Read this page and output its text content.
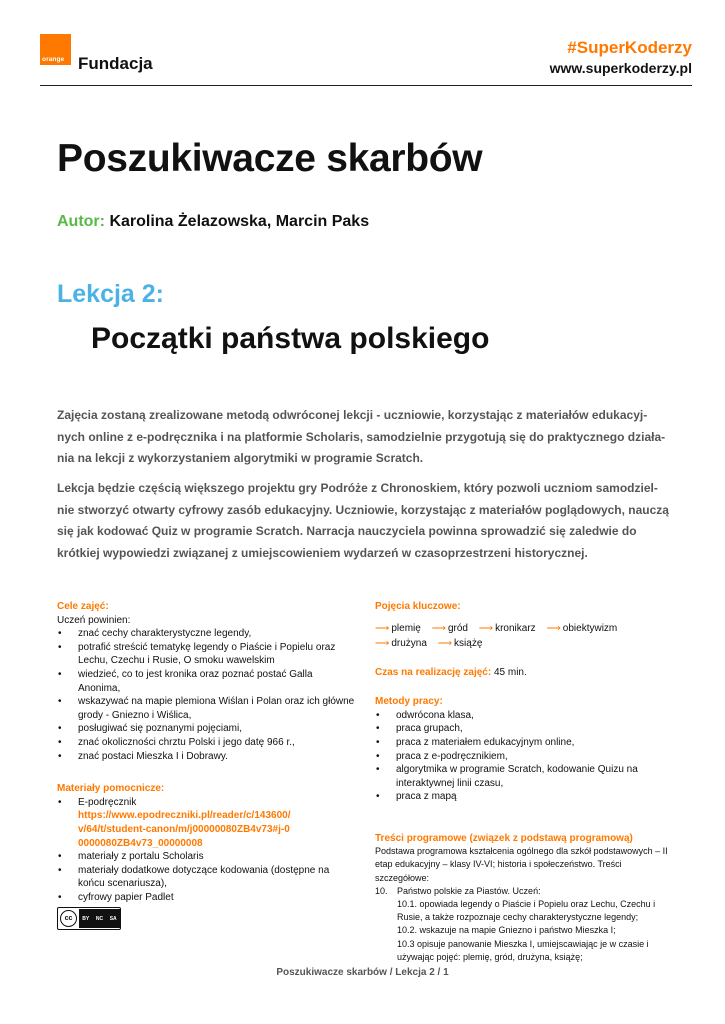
orange Fundacja
#SuperKoderzy
www.superkoderzy.pl
Poszukiwacze skarbów
Autor: Karolina Żelazowska, Marcin Paks
Lekcja 2:
Początki państwa polskiego

Zajęcia zostaną zrealizowane metodą odwróconej lekcji - uczniowie, korzystając z materiałów edukacyj- nych online z e-podręcznika i na platformie Scholaris, samodzielnie przygotują się do praktycznego działa- nia na lekcji z wykorzystaniem algorytmiki w programie Scratch.

Lekcja będzie częścią większego projektu gry Podróże z Chronoskiem, który pozwoli uczniom samodziel- nie stworzyć otwarty cyfrowy zasób edukacyjny. Uczniowie, korzystając z materiałów poglądowych, nauczą się jak kodować Quiz w programie Scratch. Narracja nauczyciela powinna sprowadzić się zaledwie do krótkiej wypowiedzi związanej z umiejscowieniem wydarzeń w czasoprzestrzeni historycznej.

Cele zajęć:
Uczeń powinien:
• znać cechy charakterystyczne legendy,
• potrafić streścić tematykę legendy o Piaście i Popielu oraz Lechu, Czechu i Rusie, O smoku wawelskim
• wiedzieć, co to jest kronika oraz poznać postać Galla Anonima,
• wskazywać na mapie plemiona Wiślan i Polan oraz ich główne grody - Gniezno i Wiślica,
• posługiwać się poznanymi pojęciami,
• znać okoliczności chrztu Polski i jego datę 966 r.,
• znać postaci Mieszka I i Dobrawy.
Materiały pomocnicze:
• E-podręcznik
https://www.epodreczniki.pl/reader/c/143600/v/64/t/student-canon/m/j00000080ZB4v73#j-00000080ZB4v73_00000008
• materiały z portalu Scholaris
• materiały dodatkowe dotyczące kodowania (dostępne na końcu scenariusza),
• cyfrowy papier Padlet
Pojęcia kluczowe:
⟶ plemię ⟶ gród ⟶ kronikarz ⟶ obiektywizm
⟶ drużyna ⟶ książę
Czas na realizację zajęć: 45 min.
Metody pracy:
• odwrócona klasa,
• praca grupach,
• praca z materiałem edukacyjnym online,
• praca z e-podręcznikiem,
• algorytmika w programie Scratch, kodowanie Quizu na interaktywnej linii czasu,
• praca z mapą
Treści programowe (związek z podstawą programową)
Podstawa programowa kształcenia ogólnego dla szkół podstawowych – II etap edukacyjny – klasy IV-VI; historia i społeczeństwo. Treści szczegółowe:
10. Państwo polskie za Piastów. Uczeń:
10.1. opowiada legendy o Piaście i Popielu oraz Lechu, Czechu i Rusie, a także rozpoznaje cechy charakterystyczne legendy;
10.2. wskazuje na mapie Gniezno i państwo Mieszka I;
10.3 opisuje panowanie Mieszka I, umiejscawiając je w czasie i używając pojęć: plemię, gród, drużyna, książę;
cc	BY NC SA
Poszukiwacze skarbów / Lekcja 2 / 1
